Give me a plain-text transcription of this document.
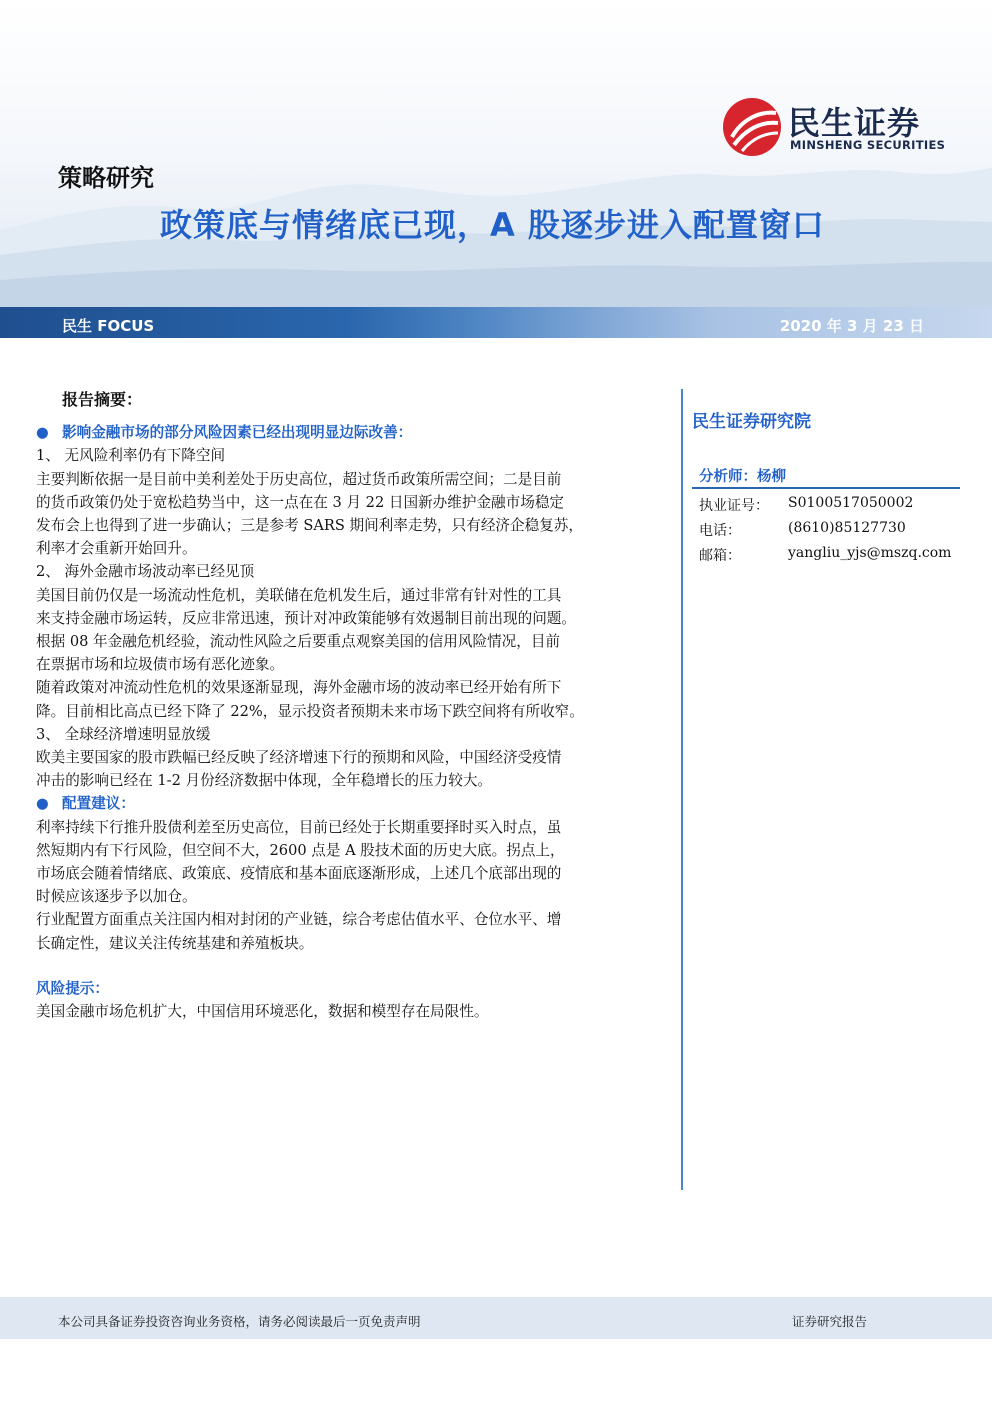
民生证券
MINSHENG SECURITIES
策略研究
政策底与情绪底已现，A 股逐步进入配置窗口
民生 FOCUS	2020 年 3 月 23 日

报告摘要：

● 影响金融市场的部分风险因素已经出现明显边际改善：

1、 无风险利率仍有下降空间

主要判断依据一是目前中美利差处于历史高位，超过货币政策所需空间；二是目前

的货币政策仍处于宽松趋势当中，这一点在在 3 月 22 日国新办维护金融市场稳定

发布会上也得到了进一步确认；三是参考 SARS 期间利率走势，只有经济企稳复苏，

利率才会重新开始回升。

2、 海外金融市场波动率已经见顶

美国目前仍仅是一场流动性危机，美联储在危机发生后，通过非常有针对性的工具

来支持金融市场运转，反应非常迅速，预计对冲政策能够有效遏制目前出现的问题。

根据 08 年金融危机经验，流动性风险之后要重点观察美国的信用风险情况，目前

在票据市场和垃圾债市场有恶化迹象。

随着政策对冲流动性危机的效果逐渐显现，海外金融市场的波动率已经开始有所下

降。目前相比高点已经下降了 22%，显示投资者预期未来市场下跌空间将有所收窄。

3、 全球经济增速明显放缓

欧美主要国家的股市跌幅已经反映了经济增速下行的预期和风险，中国经济受疫情

冲击的影响已经在 1-2 月份经济数据中体现，全年稳增长的压力较大。

● 配置建议：

利率持续下行推升股债利差至历史高位，目前已经处于长期重要择时买入时点，虽

然短期内有下行风险，但空间不大，2600 点是 A 股技术面的历史大底。拐点上，

市场底会随着情绪底、政策底、疫情底和基本面底逐渐形成，上述几个底部出现的

时候应该逐步予以加仓。

行业配置方面重点关注国内相对封闭的产业链，综合考虑估值水平、仓位水平、增

长确定性，建议关注传统基建和养殖板块。

风险提示：

美国金融市场危机扩大，中国信用环境恶化，数据和模型存在局限性。

民生证券研究院
分析师：杨柳
执业证号： S0100517050002
电话：	(8610)85127730
邮箱：	yangliu_yjs@mszq.com
本公司具备证券投资咨询业务资格，请务必阅读最后一页免责声明	证券研究报告
